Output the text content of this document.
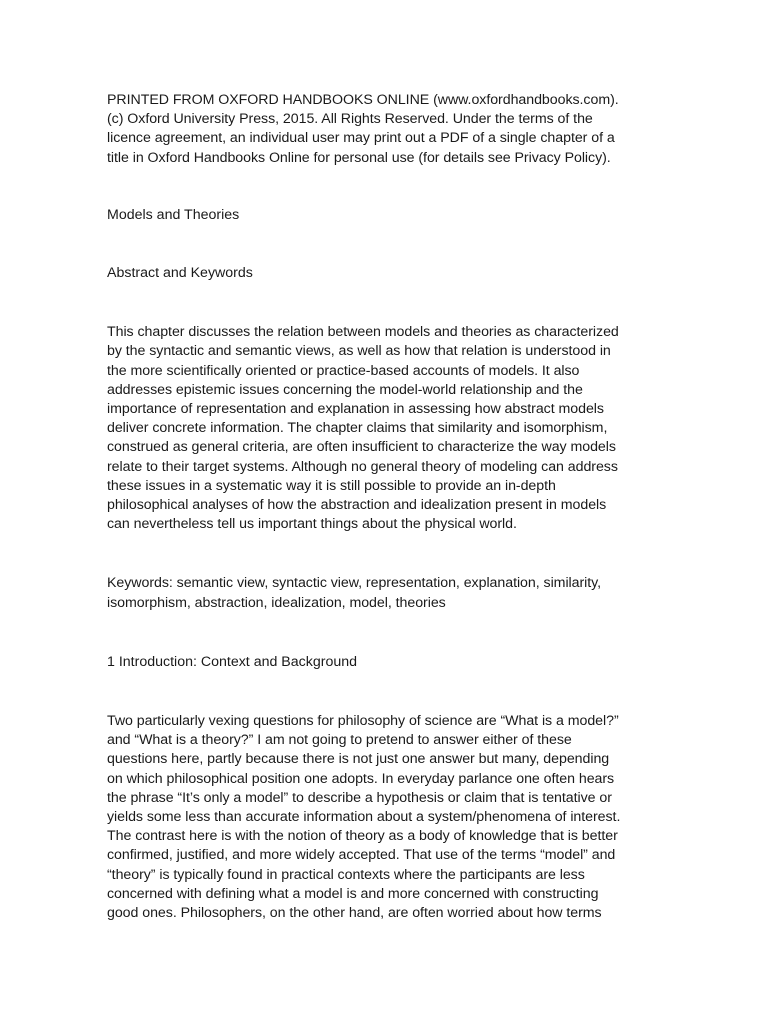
PRINTED FROM OXFORD HANDBOOKS ONLINE (www.oxfordhandbooks.com).
(c) Oxford University Press, 2015. All Rights Reserved. Under the terms of the
licence agreement, an individual user may print out a PDF of a single chapter of a
title in Oxford Handbooks Online for personal use (for details see Privacy Policy).

Models and Theories

Abstract and Keywords

This chapter discusses the relation between models and theories as characterized
by the syntactic and semantic views, as well as how that relation is understood in
the more scientifically oriented or practice-based accounts of models. It also
addresses epistemic issues concerning the model-world relationship and the
importance of representation and explanation in assessing how abstract models
deliver concrete information. The chapter claims that similarity and isomorphism,
construed as general criteria, are often insufficient to characterize the way models
relate to their target systems. Although no general theory of modeling can address
these issues in a systematic way it is still possible to provide an in-depth
philosophical analyses of how the abstraction and idealization present in models
can nevertheless tell us important things about the physical world.

Keywords: semantic view, syntactic view, representation, explanation, similarity,
isomorphism, abstraction, idealization, model, theories

1 Introduction: Context and Background

Two particularly vexing questions for philosophy of science are “What is a model?”
and “What is a theory?” I am not going to pretend to answer either of these
questions here, partly because there is not just one answer but many, depending
on which philosophical position one adopts. In everyday parlance one often hears
the phrase “It’s only a model” to describe a hypothesis or claim that is tentative or
yields some less than accurate information about a system/phenomena of interest.
The contrast here is with the notion of theory as a body of knowledge that is better
confirmed, justified, and more widely accepted. That use of the terms “model” and
“theory” is typically found in practical contexts where the participants are less
concerned with defining what a model is and more concerned with constructing
good ones. Philosophers, on the other hand, are often worried about how terms
